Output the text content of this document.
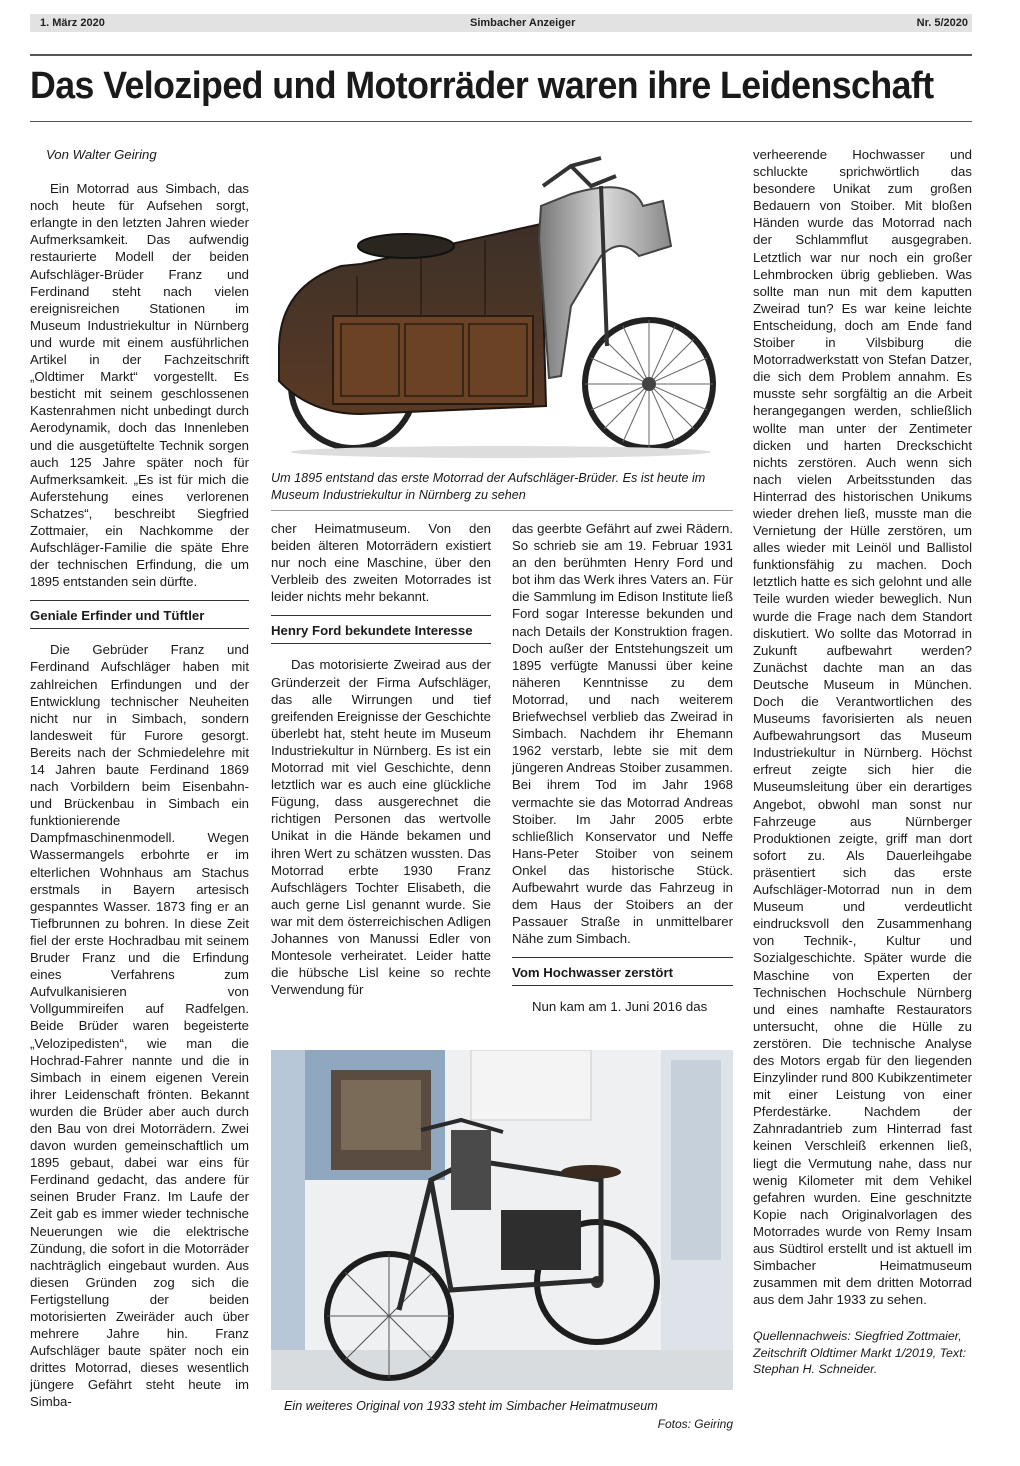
1. März 2020	Simbacher Anzeiger	Nr. 5/2020
Das Veloziped und Motorräder waren ihre Leidenschaft

Von Walter Geiring

Ein Motorrad aus Simbach, das noch heute für Aufsehen sorgt, erlangte in den letzten Jahren wieder Aufmerksamkeit. Das aufwendig restaurierte Modell der beiden Aufschläger-Brüder Franz und Ferdinand steht nach vielen ereignisreichen Stationen im Museum Industriekultur in Nürnberg und wurde mit einem ausführlichen Artikel in der Fachzeitschrift „Oldtimer Markt“ vorgestellt. Es besticht mit seinem geschlossenen Kastenrahmen nicht unbedingt durch Aerodynamik, doch das Innenleben und die ausgetüftelte Technik sorgen auch 125 Jahre später noch für Aufmerksamkeit. „Es ist für mich die Auferstehung eines verlorenen Schatzes“, beschreibt Siegfried Zottmaier, ein Nachkomme der Aufschläger-Familie die späte Ehre der technischen Erfindung, die um 1895 entstanden sein dürfte.

Geniale Erfinder und Tüftler

Die Gebrüder Franz und Ferdinand Aufschläger haben mit zahlreichen Erfindungen und der Entwicklung technischer Neuheiten nicht nur in Simbach, sondern landesweit für Furore gesorgt. Bereits nach der Schmiedelehre mit 14 Jahren baute Ferdinand 1869 nach Vorbildern beim Eisenbahn- und Brückenbau in Simbach ein funktionierende Dampfmaschinenmodell. Wegen Wassermangels erbohrte er im elterlichen Wohnhaus am Stachus erstmals in Bayern artesisch gespanntes Wasser. 1873 fing er an Tiefbrunnen zu bohren. In diese Zeit fiel der erste Hochradbau mit seinem Bruder Franz und die Erfindung eines Verfahrens zum Aufvulkanisieren von Vollgummireifen auf Radfelgen. Beide Brüder waren begeisterte „Velozipedisten“, wie man die Hochrad-Fahrer nannte und die in Simbach in einem eigenen Verein ihrer Leidenschaft frönten. Bekannt wurden die Brüder aber auch durch den Bau von drei Motorrädern. Zwei davon wurden gemeinschaftlich um 1895 gebaut, dabei war eins für Ferdinand gedacht, das andere für seinen Bruder Franz. Im Laufe der Zeit gab es immer wieder technische Neuerungen wie die elektrische Zündung, die sofort in die Motorräder nachträglich eingebaut wurden. Aus diesen Gründen zog sich die Fertigstellung der beiden motorisierten Zweiräder auch über mehrere Jahre hin. Franz Aufschläger baute später noch ein drittes Motorrad, dieses wesentlich jüngere Gefährt steht heute im Simba-

Um 1895 entstand das erste Motorrad der Aufschläger-Brüder. Es ist heute im Museum Industriekultur in Nürnberg zu sehen

cher Heimatmuseum. Von den beiden älteren Motorrädern existiert nur noch eine Maschine, über den Verbleib des zweiten Motorrades ist leider nichts mehr bekannt.

Henry Ford bekundete Interesse

Das motorisierte Zweirad aus der Gründerzeit der Firma Aufschläger, das alle Wirrungen und tief greifenden Ereignisse der Geschichte überlebt hat, steht heute im Museum Industriekultur in Nürnberg. Es ist ein Motorrad mit viel Geschichte, denn letztlich war es auch eine glückliche Fügung, dass ausgerechnet die richtigen Personen das wertvolle Unikat in die Hände bekamen und ihren Wert zu schätzen wussten. Das Motorrad erbte 1930 Franz Aufschlägers Tochter Elisabeth, die auch gerne Lisl genannt wurde. Sie war mit dem österreichischen Adligen Johannes von Manussi Edler von Montesole verheiratet. Leider hatte die hübsche Lisl keine so rechte Verwendung für

das geerbte Gefährt auf zwei Rädern. So schrieb sie am 19. Februar 1931 an den berühmten Henry Ford und bot ihm das Werk ihres Vaters an. Für die Sammlung im Edison Institute ließ Ford sogar Interesse bekunden und nach Details der Konstruktion fragen. Doch außer der Entstehungszeit um 1895 verfügte Manussi über keine näheren Kenntnisse zu dem Motorrad, und nach weiterem Briefwechsel verblieb das Zweirad in Simbach. Nachdem ihr Ehemann 1962 verstarb, lebte sie mit dem jüngeren Andreas Stoiber zusammen. Bei ihrem Tod im Jahr 1968 vermachte sie das Motorrad Andreas Stoiber. Im Jahr 2005 erbte schließlich Konservator und Neffe Hans-Peter Stoiber von seinem Onkel das historische Stück. Aufbewahrt wurde das Fahrzeug in dem Haus der Stoibers an der Passauer Straße in unmittelbarer Nähe zum Simbach.

Vom Hochwasser zerstört

Nun kam am 1. Juni 2016 das

Ein weiteres Original von 1933 steht im Simbacher Heimatmuseum
Fotos: Geiring

verheerende Hochwasser und schluckte sprichwörtlich das besondere Unikat zum großen Bedauern von Stoiber. Mit bloßen Händen wurde das Motorrad nach der Schlammflut ausgegraben. Letztlich war nur noch ein großer Lehmbrocken übrig geblieben. Was sollte man nun mit dem kaputten Zweirad tun? Es war keine leichte Entscheidung, doch am Ende fand Stoiber in Vilsbiburg die Motorradwerkstatt von Stefan Datzer, die sich dem Problem annahm. Es musste sehr sorgfältig an die Arbeit herangegangen werden, schließlich wollte man unter der Zentimeter dicken und harten Dreckschicht nichts zerstören. Auch wenn sich nach vielen Arbeitsstunden das Hinterrad des historischen Unikums wieder drehen ließ, musste man die Vernietung der Hülle zerstören, um alles wieder mit Leinöl und Ballistol funktionsfähig zu machen. Doch letztlich hatte es sich gelohnt und alle Teile wurden wieder beweglich. Nun wurde die Frage nach dem Standort diskutiert. Wo sollte das Motorrad in Zukunft aufbewahrt werden? Zunächst dachte man an das Deutsche Museum in München. Doch die Verantwortlichen des Museums favorisierten als neuen Aufbewahrungsort das Museum Industriekultur in Nürnberg. Höchst erfreut zeigte sich hier die Museumsleitung über ein derartiges Angebot, obwohl man sonst nur Fahrzeuge aus Nürnberger Produktionen zeigte, griff man dort sofort zu. Als Dauerleihgabe präsentiert sich das erste Aufschläger-Motorrad nun in dem Museum und verdeutlicht eindrucksvoll den Zusammenhang von Technik-, Kultur und Sozialgeschichte. Später wurde die Maschine von Experten der Technischen Hochschule Nürnberg und eines namhafte Restaurators untersucht, ohne die Hülle zu zerstören. Die technische Analyse des Motors ergab für den liegenden Einzylinder rund 800 Kubikzentimeter mit einer Leistung von einer Pferdestärke. Nachdem der Zahnradantrieb zum Hinterrad fast keinen Verschleiß erkennen ließ, liegt die Vermutung nahe, dass nur wenig Kilometer mit dem Vehikel gefahren wurden. Eine geschnitzte Kopie nach Originalvorlagen des Motorrades wurde von Remy Insam aus Südtirol erstellt und ist aktuell im Simbacher Heimatmuseum zusammen mit dem dritten Motorrad aus dem Jahr 1933 zu sehen.

Quellennachweis: Siegfried Zottmaier, Zeitschrift Oldtimer Markt 1/2019, Text: Stephan H. Schneider.
